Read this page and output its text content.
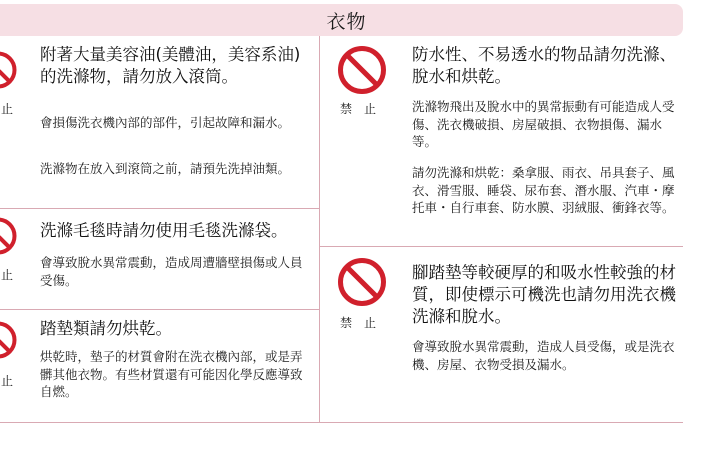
衣物
止
止
止
附著大量美容油(美體油，美容系油)的洗滌物，請勿放入滾筒。
會損傷洗衣機內部的部件，引起故障和漏水。
洗滌物在放入到滾筒之前，請預先洗掉油類。
洗滌毛毯時請勿使用毛毯洗滌袋。
會導致脫水異常震動，造成周遭牆壁損傷或人員受傷。
踏墊類請勿烘乾。
烘乾時，墊子的材質會附在洗衣機內部，或是弄髒其他衣物。有些材質還有可能因化學反應導致自燃。
禁止
禁止
防水性、不易透水的物品請勿洗滌、脫水和烘乾。
洗滌物飛出及脫水中的異常振動有可能造成人受傷、洗衣機破損、房屋破損、衣物損傷、漏水等。
請勿洗滌和烘乾：桑拿服、雨衣、吊具套子、風衣、滑雪服、睡袋、尿布套、潛水服、汽車・摩托車・自行車套、防水膜、羽絨服、衝鋒衣等。
腳踏墊等較硬厚的和吸水性較強的材質，即使標示可機洗也請勿用洗衣機洗滌和脫水。
會導致脫水異常震動，造成人員受傷，或是洗衣機、房屋、衣物受損及漏水。
